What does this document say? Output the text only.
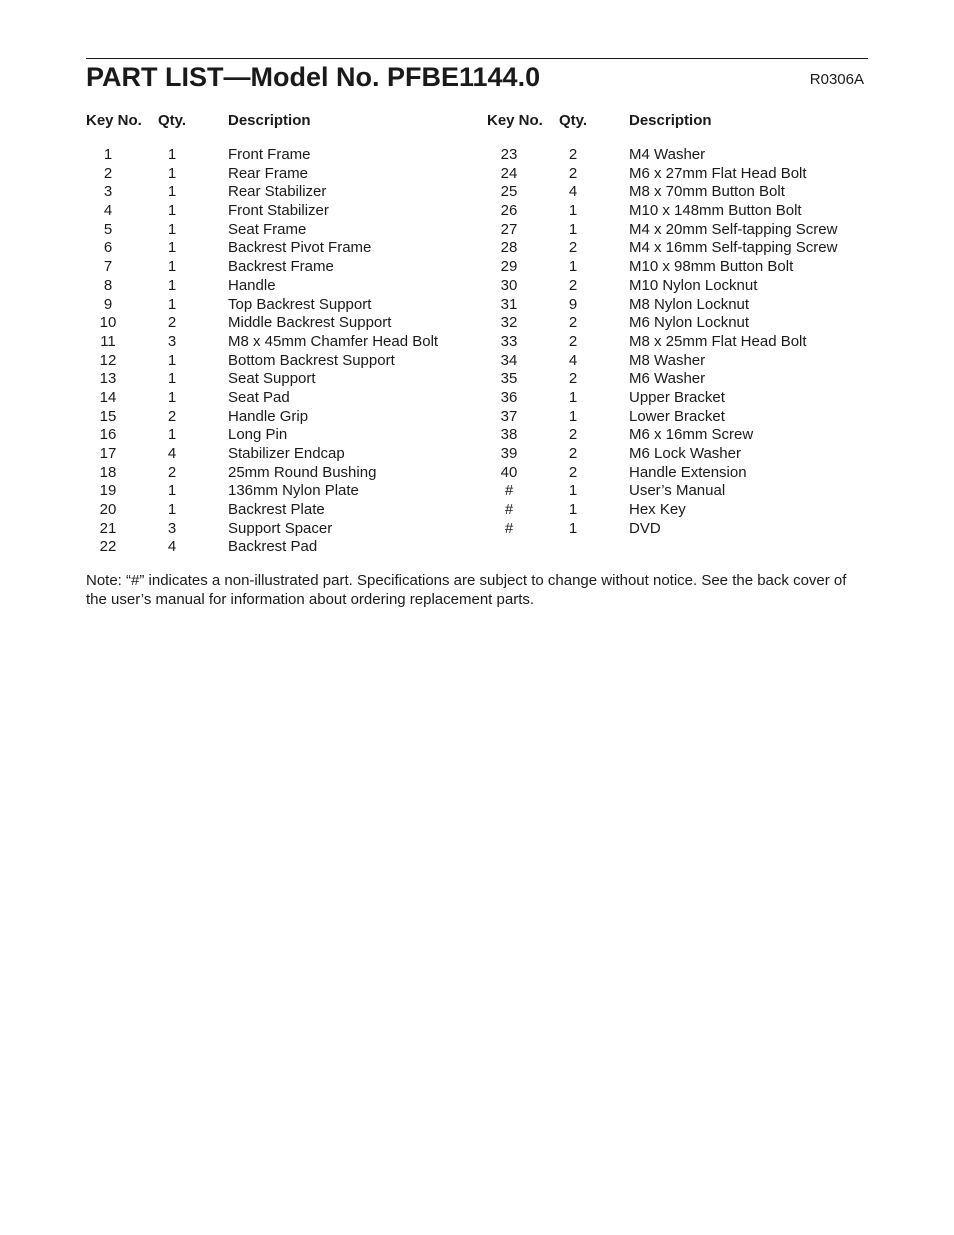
PART LIST—Model No. PFBE1144.0	R0306A
Key No. Qty.	Description	Key No. Qty.	Description
1	1	Front Frame
2	1	Rear Frame
3	1	Rear Stabilizer
4	1	Front Stabilizer
5	1	Seat Frame
6	1	Backrest Pivot Frame
7	1	Backrest Frame
8	1	Handle
9	1	Top Backrest Support
10	2	Middle Backrest Support
11	3	M8 x 45mm Chamfer Head Bolt
12	1	Bottom Backrest Support
13	1	Seat Support
14	1	Seat Pad
15	2	Handle Grip
16	1	Long Pin
17	4	Stabilizer Endcap
18	2	25mm Round Bushing
19	1	136mm Nylon Plate
20	1	Backrest Plate
21	3	Support Spacer
22	4	Backrest Pad
23	2	M4 Washer
24	2	M6 x 27mm Flat Head Bolt
25	4	M8 x 70mm Button Bolt
26	1	M10 x 148mm Button Bolt
27	1	M4 x 20mm Self-tapping Screw
28	2	M4 x 16mm Self-tapping Screw
29	1	M10 x 98mm Button Bolt
30	2	M10 Nylon Locknut
31	9	M8 Nylon Locknut
32	2	M6 Nylon Locknut
33	2	M8 x 25mm Flat Head Bolt
34	4	M8 Washer
35	2	M6 Washer
36	1	Upper Bracket
37	1	Lower Bracket
38	2	M6 x 16mm Screw
39	2	M6 Lock Washer
40	2	Handle Extension
#	1	User’s Manual
#	1	Hex Key
#	1	DVD
Note: “#” indicates a non-illustrated part. Specifications are subject to change without notice. See the back cover of the user’s manual for information about ordering replacement parts.
